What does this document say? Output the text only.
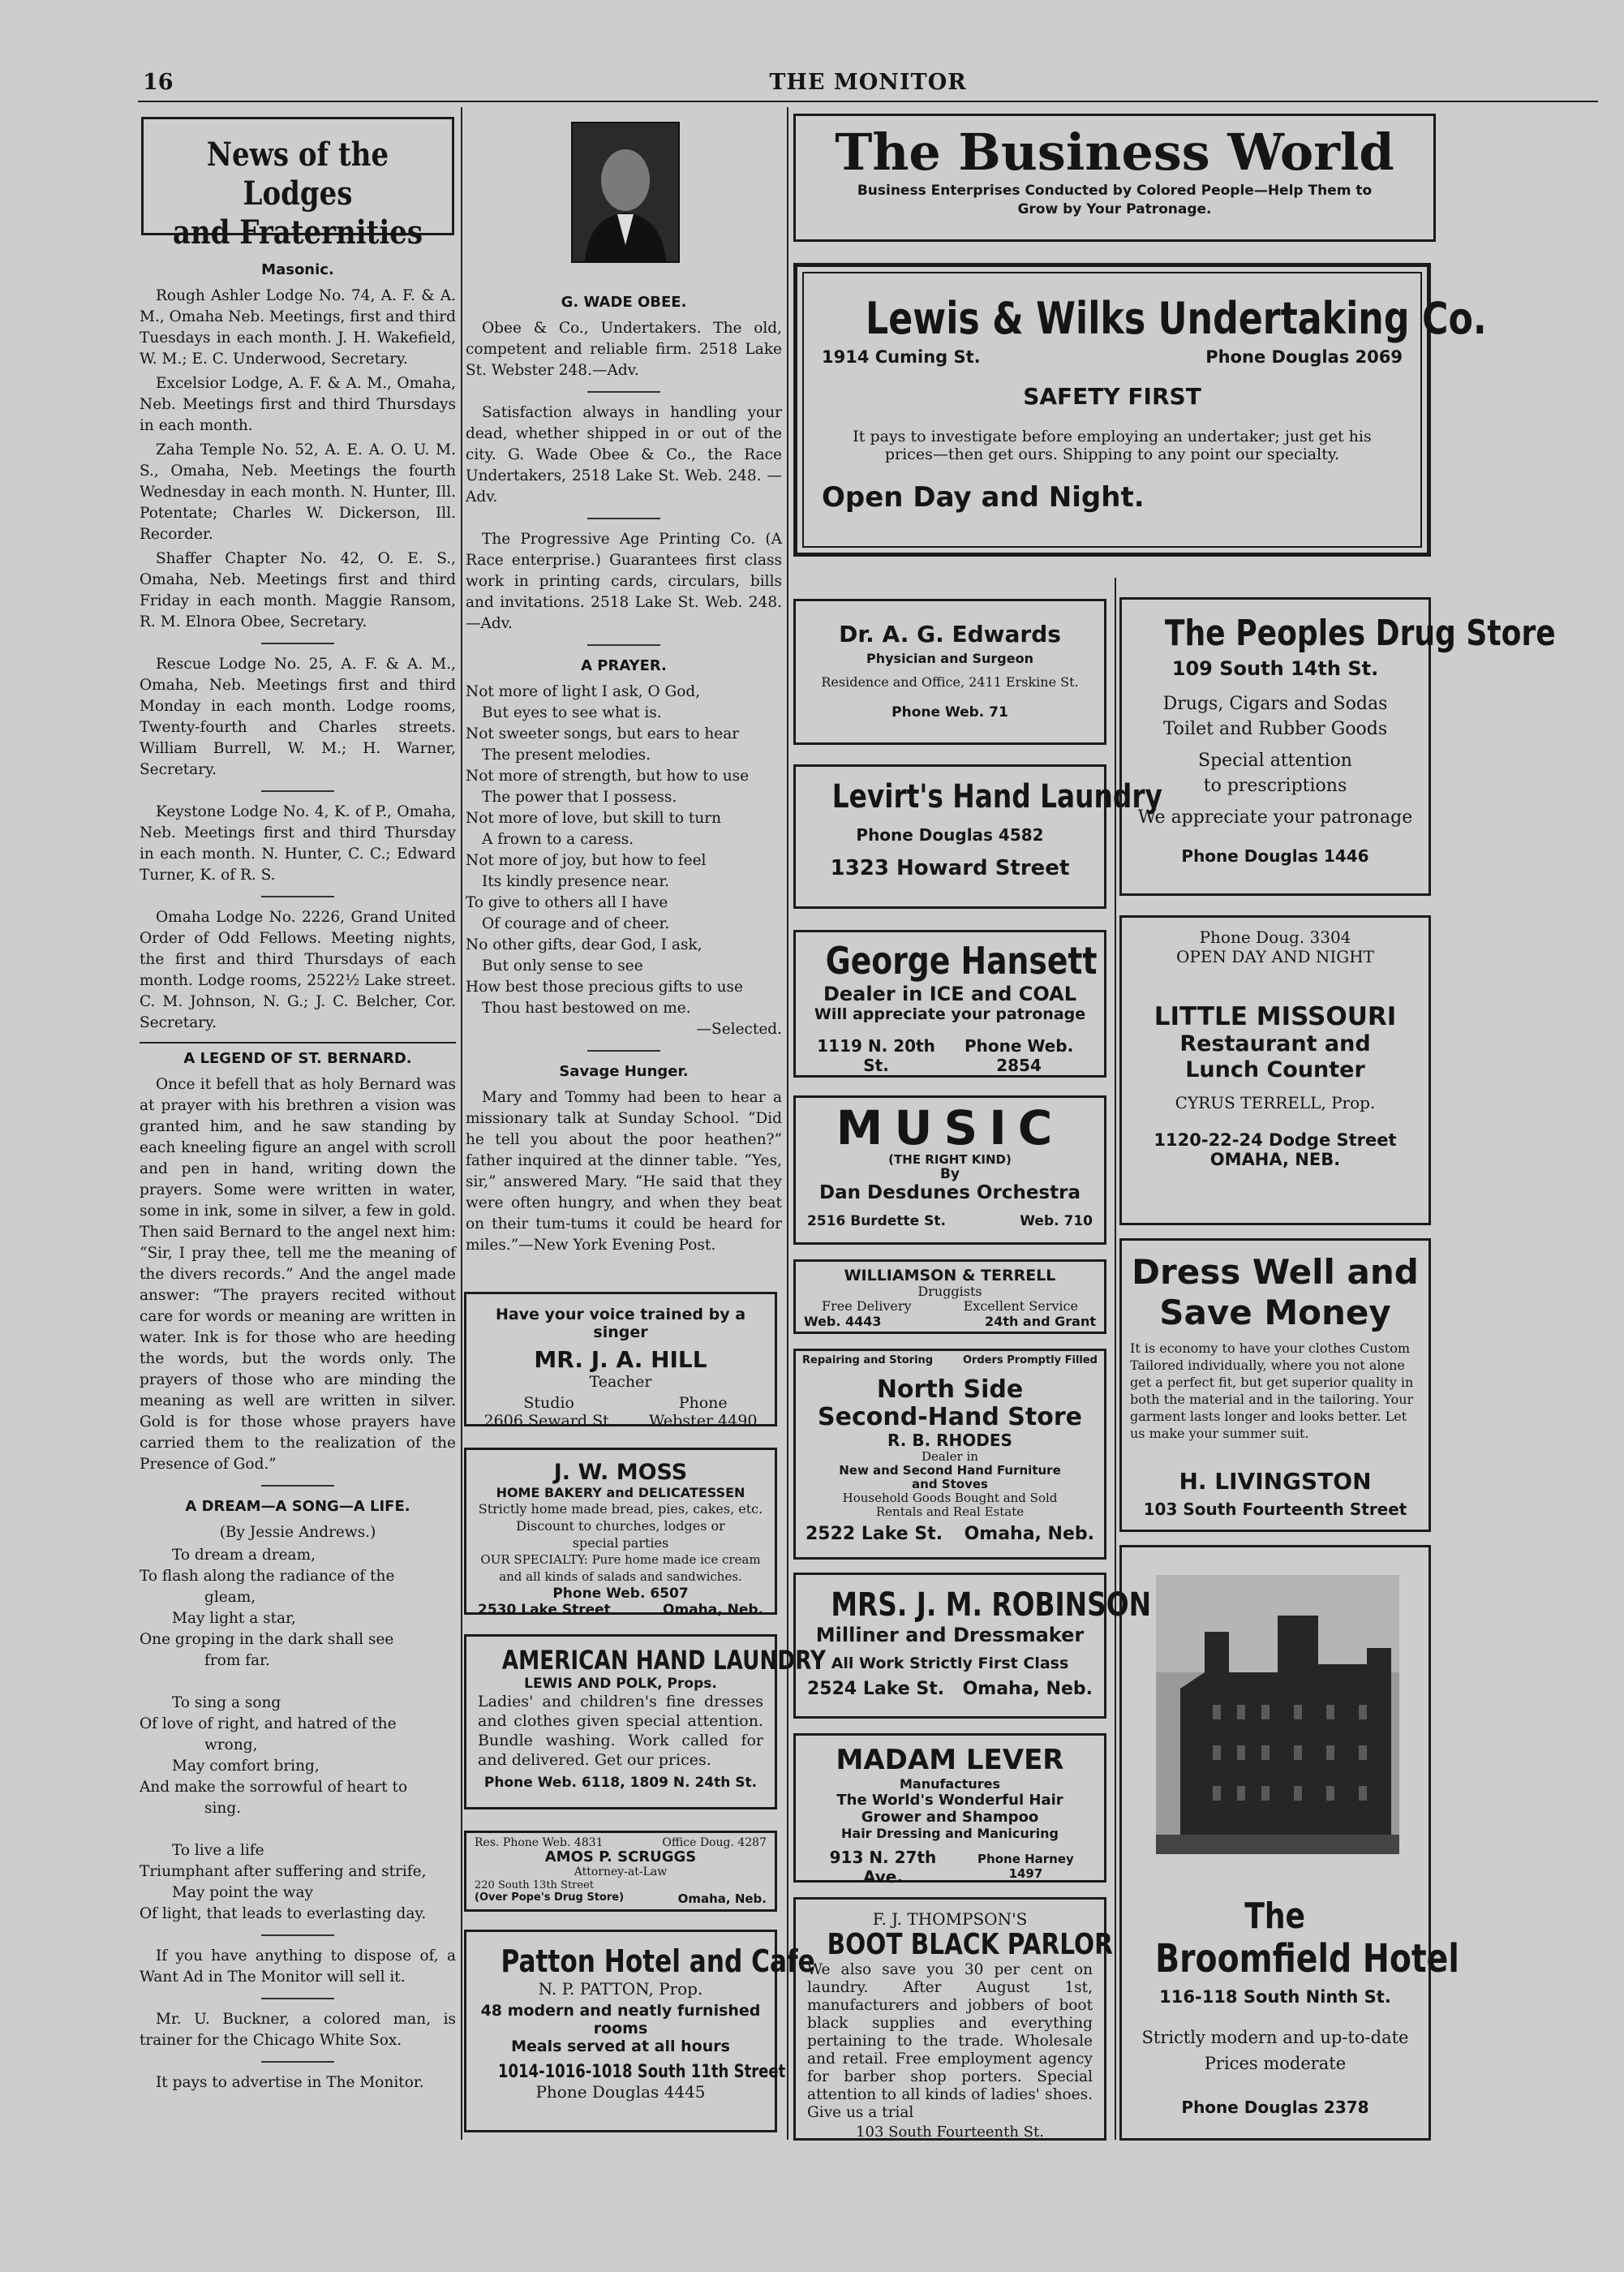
16	THE MONITOR
News of the Lodges
and Fraternities
Masonic.

Rough Ashler Lodge No. 74, A. F. & A. M., Omaha Neb. Meetings, first and third Tuesdays in each month. J. H. Wakefield, W. M.; E. C. Underwood, Secretary.

Excelsior Lodge, A. F. & A. M., Omaha, Neb. Meetings first and third Thursdays in each month.

Zaha Temple No. 52, A. E. A. O. U. M. S., Omaha, Neb. Meetings the fourth Wednesday in each month. N. Hunter, Ill. Potentate; Charles W. Dickerson, Ill. Recorder.

Shaffer Chapter No. 42, O. E. S., Omaha, Neb. Meetings first and third Friday in each month. Maggie Ransom, R. M. Elnora Obee, Secretary.

Rescue Lodge No. 25, A. F. & A. M., Omaha, Neb. Meetings first and third Monday in each month. Lodge rooms, Twenty-fourth and Charles streets. William Burrell, W. M.; H. Warner, Secretary.

Keystone Lodge No. 4, K. of P., Omaha, Neb. Meetings first and third Thursday in each month. N. Hunter, C. C.; Edward Turner, K. of R. S.

Omaha Lodge No. 2226, Grand United Order of Odd Fellows. Meeting nights, the first and third Thursdays of each month. Lodge rooms, 2522½ Lake street. C. M. Johnson, N. G.; J. C. Belcher, Cor. Secretary.

A LEGEND OF ST. BERNARD.

Once it befell that as holy Bernard was at prayer with his brethren a vision was granted him, and he saw standing by each kneeling figure an angel with scroll and pen in hand, writing down the prayers. Some were written in water, some in ink, some in silver, a few in gold. Then said Bernard to the angel next him: “Sir, I pray thee, tell me the meaning of the divers records.” And the angel made answer: “The prayers recited without care for words or meaning are written in water. Ink is for those who are heeding the words, but the words only. The prayers of those who are minding the meaning as well are written in silver. Gold is for those whose prayers have carried them to the realization of the Presence of God.”

A DREAM—A SONG—A LIFE.
(By Jessie Andrews.)
To dream a dream,
To flash along the radiance of the
gleam,
May light a star,
One groping in the dark shall see
from far.

To sing a song
Of love of right, and hatred of the
wrong,
May comfort bring,
And make the sorrowful of heart to
sing.

To live a life
Triumphant after suffering and strife,
May point the way
Of light, that leads to everlasting day.

If you have anything to dispose of, a Want Ad in The Monitor will sell it.

Mr. U. Buckner, a colored man, is trainer for the Chicago White Sox.

It pays to advertise in The Monitor.

G. WADE OBEE.

Obee & Co., Undertakers. The old, competent and reliable firm. 2518 Lake St. Webster 248.—Adv.

Satisfaction always in handling your dead, whether shipped in or out of the city. G. Wade Obee & Co., the Race Undertakers, 2518 Lake St. Web. 248. —Adv.

The Progressive Age Printing Co. (A Race enterprise.) Guarantees first class work in printing cards, circulars, bills and invitations. 2518 Lake St. Web. 248.—Adv.

A PRAYER.
Not more of light I ask, O God,
But eyes to see what is.
Not sweeter songs, but ears to hear
The present melodies.
Not more of strength, but how to use
The power that I possess.
Not more of love, but skill to turn
A frown to a caress.
Not more of joy, but how to feel
Its kindly presence near.
To give to others all I have
Of courage and of cheer.
No other gifts, dear God, I ask,
But only sense to see
How best those precious gifts to use
Thou hast bestowed on me.
—Selected.
Savage Hunger.

Mary and Tommy had been to hear a missionary talk at Sunday School. “Did he tell you about the poor heathen?” father inquired at the dinner table. “Yes, sir,” answered Mary. “He said that they were often hungry, and when they beat on their tum-tums it could be heard for miles.”—New York Evening Post.

Have your voice trained by a singer
MR. J. A. HILL
Teacher
Studio
2606 Seward St.
Phone
Webster 4490
J. W. MOSS
HOME BAKERY and DELICATESSEN
Strictly home made bread, pies, cakes, etc.
Discount to churches, lodges or
special parties
OUR SPECIALTY: Pure home made ice cream
and all kinds of salads and sandwiches.
Phone Web. 6507
2530 Lake Street	Omaha, Neb.
AMERICAN HAND LAUNDRY
LEWIS AND POLK, Props.
Ladies' and children's fine dresses and clothes given special attention. Bundle washing. Work called for and delivered. Get our prices.
Phone Web. 6118, 1809 N. 24th St.
Res. Phone Web. 4831	Office Doug. 4287
AMOS P. SCRUGGS
Attorney-at-Law
220 South 13th Street
(Over Pope's Drug Store)	Omaha, Neb.
Patton Hotel and Cafe
N. P. PATTON, Prop.
48 modern and neatly furnished
rooms
Meals served at all hours
1014-1016-1018 South 11th Street
Phone Douglas 4445
The Business World
Business Enterprises Conducted by Colored People—Help Them to
Grow by Your Patronage.
Lewis & Wilks Undertaking Co.
1914 Cuming St.	Phone Douglas 2069
SAFETY FIRST
It pays to investigate before employing an undertaker; just get his
prices—then get ours. Shipping to any point our specialty.
Open Day and Night.
Dr. A. G. Edwards
Physician and Surgeon
Residence and Office, 2411 Erskine St.
Phone Web. 71
Levirt's Hand Laundry
Phone Douglas 4582
1323 Howard Street
George Hansett
Dealer in ICE and COAL
Will appreciate your patronage
1119 N. 20th St.
Phone Web. 2854
MUSIC
(THE RIGHT KIND)
By
Dan Desdunes Orchestra
2516 Burdette St.	Web. 710
WILLIAMSON & TERRELL
Druggists
Free Delivery	Excellent Service
Web. 4443	24th and Grant
Repairing and Storing	Orders Promptly Filled
North Side
Second-Hand Store
R. B. RHODES
Dealer in
New and Second Hand Furniture
and Stoves
Household Goods Bought and Sold
Rentals and Real Estate
2522 Lake St. Omaha, Neb.
MRS. J. M. ROBINSON
Milliner and Dressmaker
All Work Strictly First Class
2524 Lake St. Omaha, Neb.
MADAM LEVER
Manufactures
The World's Wonderful Hair
Grower and Shampoo
Hair Dressing and Manicuring
913 N. 27th Ave.
Phone Harney 1497
F. J. THOMPSON'S
BOOT BLACK PARLOR
We also save you 30 per cent on laundry. After August 1st, manufacturers and jobbers of boot black supplies and everything pertaining to the trade. Wholesale and retail. Free employment agency for barber shop porters. Special attention to all kinds of ladies' shoes. Give us a trial
103 South Fourteenth St.
The Peoples Drug Store
109 South 14th St.
Drugs, Cigars and Sodas
Toilet and Rubber Goods
Special attention
to prescriptions
We appreciate your patronage
Phone Douglas 1446
Phone Doug. 3304
OPEN DAY AND NIGHT
LITTLE MISSOURI
Restaurant and
Lunch Counter
CYRUS TERRELL, Prop.
1120-22-24 Dodge Street
OMAHA, NEB.
Dress Well and
Save Money
It is economy to have your clothes Custom Tailored individually, where you not alone get a perfect fit, but get superior quality in both the material and in the tailoring. Your garment lasts longer and looks better. Let us make your summer suit.
H. LIVINGSTON
103 South Fourteenth Street
The
Broomfield Hotel
116-118 South Ninth St.
Strictly modern and up-to-date
Prices moderate
Phone Douglas 2378
